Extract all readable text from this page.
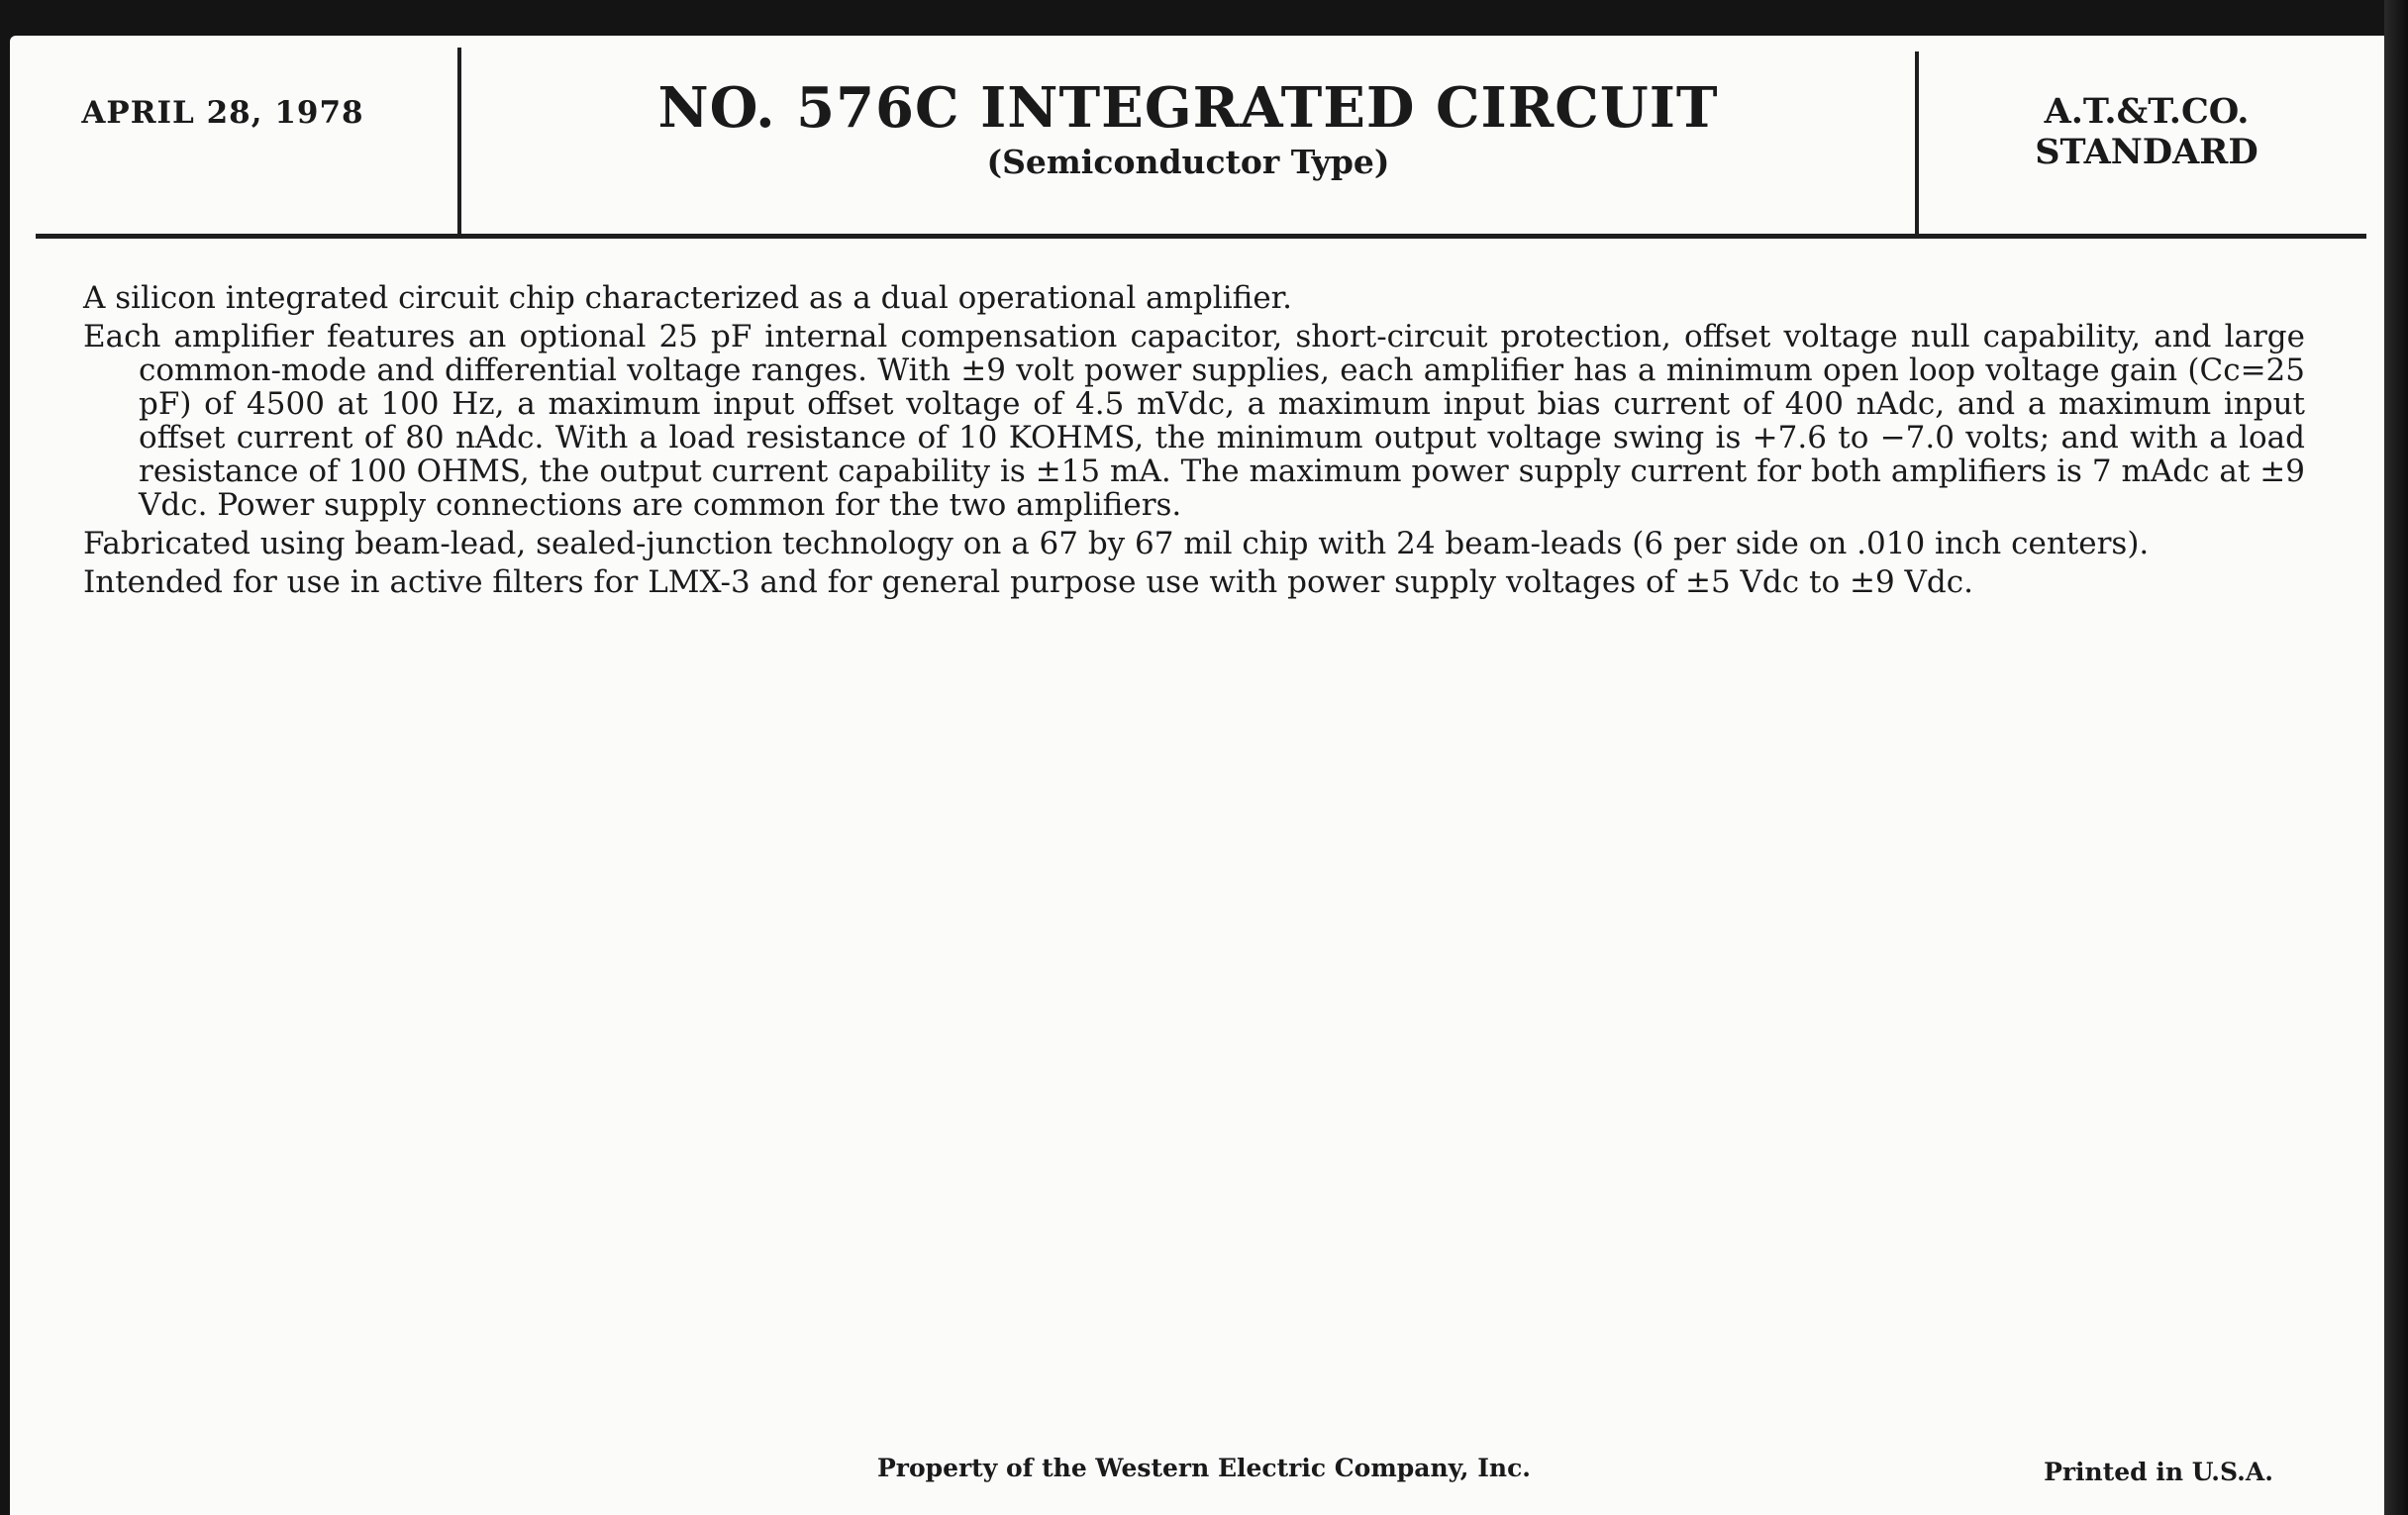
APRIL 28, 1978	NO. 576C INTEGRATED CIRCUIT
(Semiconductor Type)
A.T.&T.CO.
STANDARD

A silicon integrated circuit chip characterized as a dual operational amplifier.

Each amplifier features an optional 25 pF internal compensation capacitor, short-circuit protection, offset voltage null capability, and large common-mode and differential voltage ranges. With ±9 volt power supplies, each amplifier has a minimum open loop voltage gain (Cc=25 pF) of 4500 at 100 Hz, a maximum input offset voltage of 4.5 mVdc, a maximum input bias current of 400 nAdc, and a maximum input offset current of 80 nAdc. With a load resistance of 10 KOHMS, the minimum output voltage swing is +7.6 to −7.0 volts; and with a load resistance of 100 OHMS, the output current capability is ±15 mA. The maximum power supply current for both amplifiers is 7 mAdc at ±9 Vdc. Power supply connections are common for the two amplifiers.

Fabricated using beam-lead, sealed-junction technology on a 67 by 67 mil chip with 24 beam-leads (6 per side on .010 inch centers).

Intended for use in active filters for LMX-3 and for general purpose use with power supply voltages of ±5 Vdc to ±9 Vdc.

Property of the Western Electric Company, Inc.	Printed in U.S.A.
